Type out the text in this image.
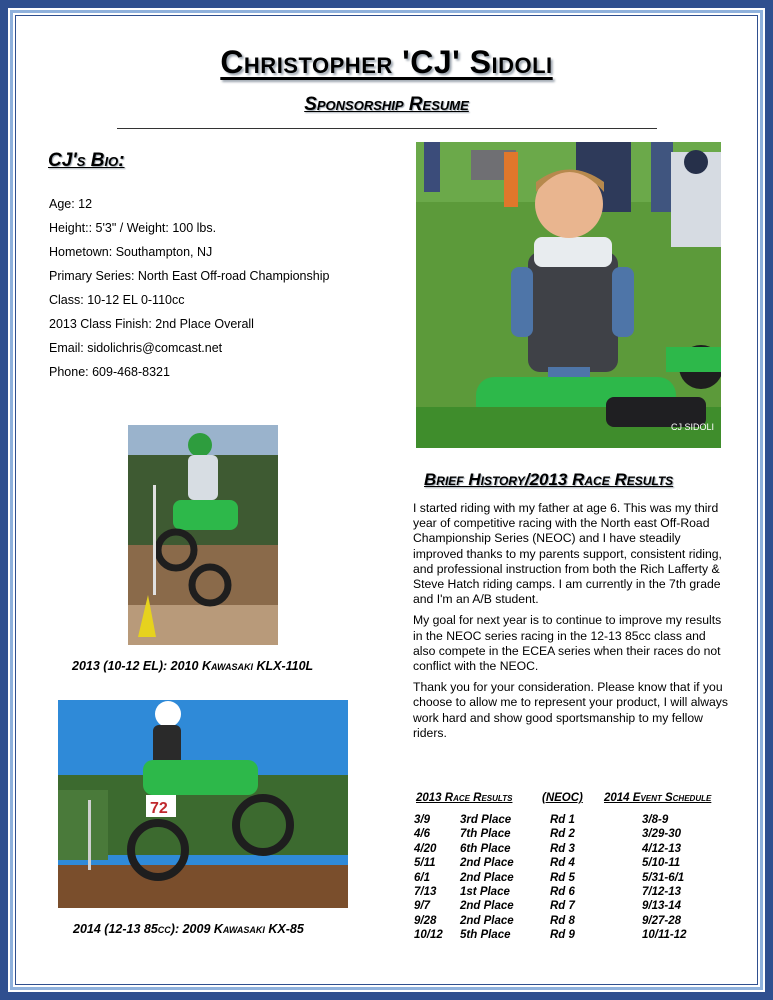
Christopher 'CJ' Sidoli
Sponsorship Resume
CJ's Bio:
Age: 12
Height:: 5'3" / Weight: 100 lbs.
Hometown: Southampton, NJ
Primary Series: North East Off-road Championship
Class: 10-12 EL 0-110cc
2013 Class Finish: 2nd Place Overall
Email: sidolichris@comcast.net
Phone: 609-468-8321
CJ SIDOLI
2013 (10-12 EL): 2010 Kawasaki KLX-110L
72
2014 (12-13 85cc): 2009 Kawasaki KX-85
Brief History/2013 Race Results

I started riding with my father at age 6. This was my third year of competitive racing with the North east Off-Road Championship Series (NEOC) and I have steadily improved thanks to my parents support, consistent riding, and professional instruction from both the Rich Lafferty & Steve Hatch riding camps. I am currently in the 7th grade and I'm an A/B student.

My goal for next year is to continue to improve my results in the NEOC series racing in the 12-13 85cc class and also compete in the ECEA series when their races do not conflict with the NEOC.

Thank you for your consideration. Please know that if you choose to allow me to represent your product, I will always work hard and show good sportsmanship to my fellow riders.

2013 Race Results	(NEOC) 2014 Event Schedule
3/9	3rd Place	Rd 1	3/8-9
4/6	7th Place	Rd 2	3/29-30
4/20 6th Place	Rd 3	4/12-13
5/11 2nd Place	Rd 4	5/10-11
6/1	2nd Place	Rd 5	5/31-6/1
7/13 1st Place	Rd 6	7/12-13
9/7	2nd Place	Rd 7	9/13-14
9/28 2nd Place	Rd 8	9/27-28
10/12 5th Place	Rd 9	10/11-12
